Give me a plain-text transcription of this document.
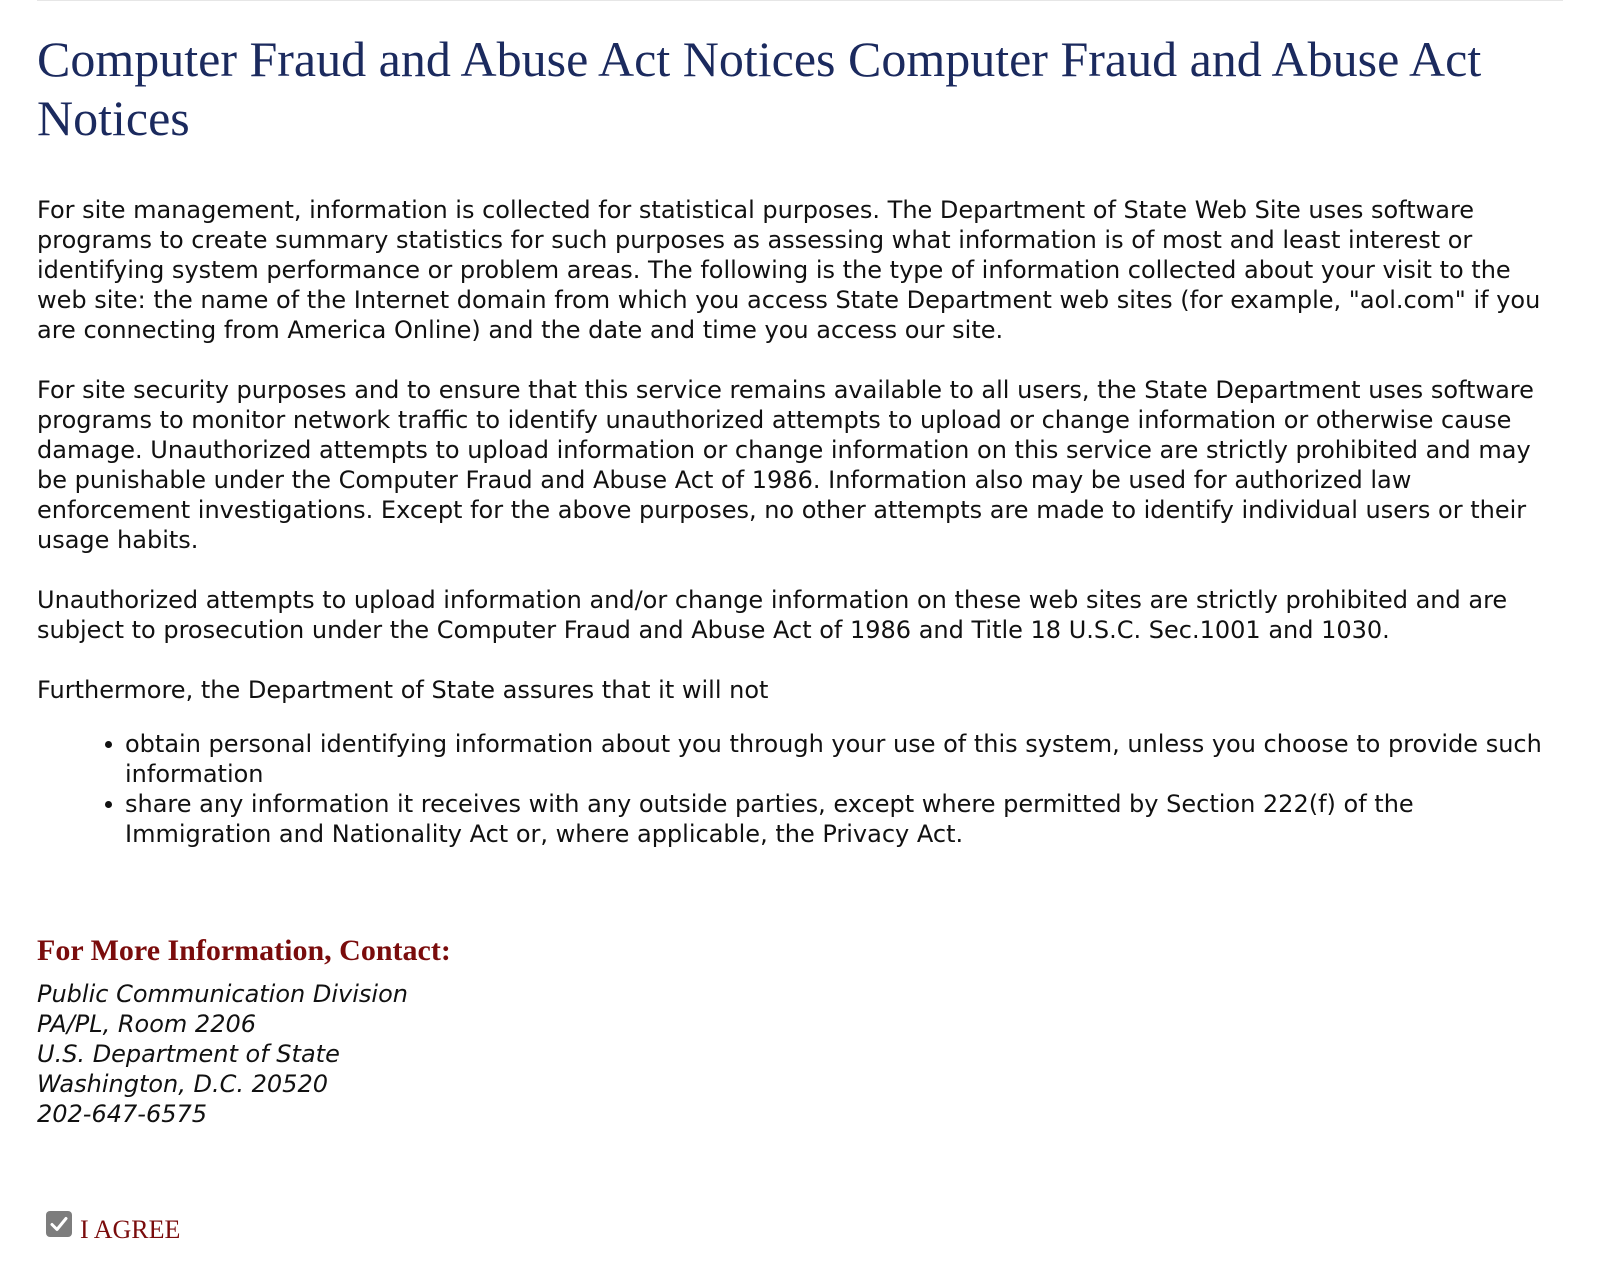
Computer Fraud and Abuse Act Notices Computer Fraud and Abuse Act Notices

For site management, information is collected for statistical purposes. The Department of State Web Site uses software programs to create summary statistics for such purposes as assessing what information is of most and least interest or identifying system performance or problem areas. The following is the type of information collected about your visit to the web site: the name of the Internet domain from which you access State Department web sites (for example, "aol.com" if you are connecting from America Online) and the date and time you access our site.

For site security purposes and to ensure that this service remains available to all users, the State Department uses software programs to monitor network traffic to identify unauthorized attempts to upload or change information or otherwise cause damage. Unauthorized attempts to upload information or change information on this service are strictly prohibited and may be punishable under the Computer Fraud and Abuse Act of 1986. Information also may be used for authorized law enforcement investigations. Except for the above purposes, no other attempts are made to identify individual users or their usage habits.

Unauthorized attempts to upload information and/or change information on these web sites are strictly prohibited and are subject to prosecution under the Computer Fraud and Abuse Act of 1986 and Title 18 U.S.C. Sec.1001 and 1030.

Furthermore, the Department of State assures that it will not

obtain personal identifying information about you through your use of this system, unless you choose to provide such information
share any information it receives with any outside parties, except where permitted by Section 222(f) of the Immigration and Nationality Act or, where applicable, the Privacy Act.
For More Information, Contact:
Public Communication Division
PA/PL, Room 2206
U.S. Department of State
Washington, D.C. 20520
202-647-6575
I AGREE
